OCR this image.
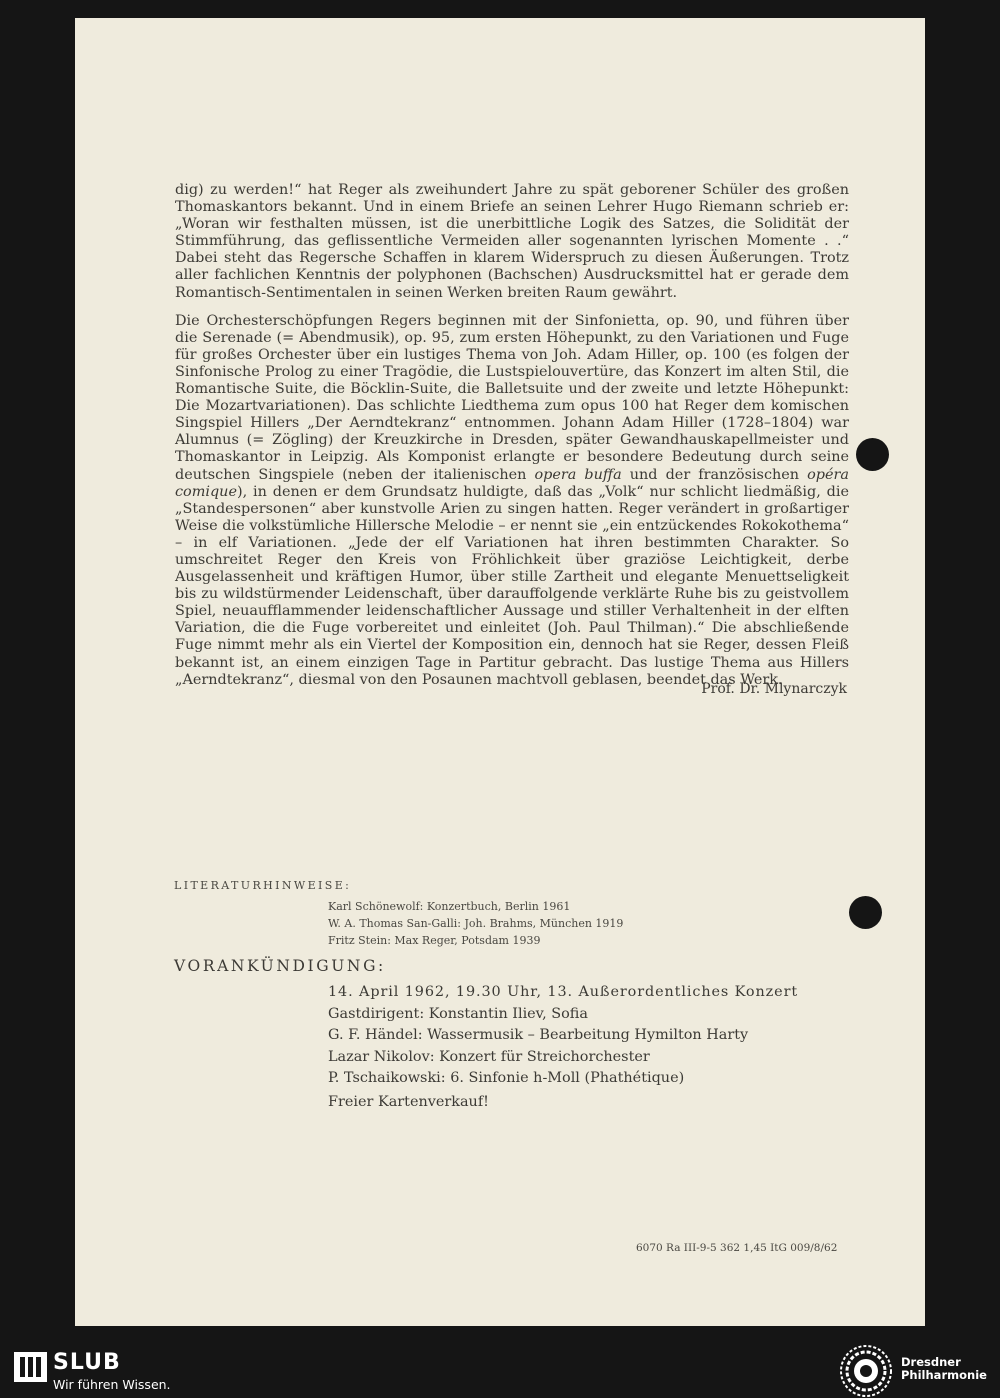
dig) zu werden!“ hat Reger als zweihundert Jahre zu spät geborener Schüler des großen Thomaskantors bekannt. Und in einem Briefe an seinen Lehrer Hugo Riemann schrieb er: „Woran wir festhalten müssen, ist die unerbittliche Logik des Satzes, die Solidität der Stimmführung, das geflissentliche Vermeiden aller sogenannten lyrischen Momente . .“ Dabei steht das Regersche Schaffen in klarem Widerspruch zu diesen Äußerungen. Trotz aller fachlichen Kenntnis der polyphonen (Bachschen) Ausdrucksmittel hat er gerade dem Romantisch-Sentimentalen in seinen Werken breiten Raum gewährt.

Die Orchesterschöpfungen Regers beginnen mit der Sinfonietta, op. 90, und führen über die Serenade (= Abendmusik), op. 95, zum ersten Höhepunkt, zu den Variationen und Fuge für großes Orchester über ein lustiges Thema von Joh. Adam Hiller, op. 100 (es folgen der Sinfonische Prolog zu einer Tragödie, die Lustspielouvertüre, das Konzert im alten Stil, die Romantische Suite, die Böcklin-Suite, die Balletsuite und der zweite und letzte Höhepunkt: Die Mozartvariationen). Das schlichte Liedthema zum opus 100 hat Reger dem komischen Singspiel Hillers „Der Aerndtekranz“ entnommen. Johann Adam Hiller (1728–1804) war Alumnus (= Zögling) der Kreuzkirche in Dresden, später Gewandhauskapellmeister und Thomaskantor in Leipzig. Als Komponist erlangte er besondere Bedeutung durch seine deutschen Singspiele (neben der italienischen opera buffa und der französischen opéra comique), in denen er dem Grundsatz huldigte, daß das „Volk“ nur schlicht liedmäßig, die „Standespersonen“ aber kunstvolle Arien zu singen hatten. Reger verändert in großartiger Weise die volkstümliche Hillersche Melodie – er nennt sie „ein entzückendes Rokokothema“ – in elf Variationen. „Jede der elf Variationen hat ihren bestimmten Charakter. So umschreitet Reger den Kreis von Fröhlichkeit über graziöse Leichtigkeit, derbe Ausgelassenheit und kräftigen Humor, über stille Zartheit und elegante Menuettseligkeit bis zu wildstürmender Leidenschaft, über darauffolgende verklärte Ruhe bis zu geistvollem Spiel, neuaufflammender leidenschaftlicher Aussage und stiller Verhaltenheit in der elften Variation, die die Fuge vorbereitet und einleitet (Joh. Paul Thilman).“ Die abschließende Fuge nimmt mehr als ein Viertel der Komposition ein, dennoch hat sie Reger, dessen Fleiß bekannt ist, an einem einzigen Tage in Partitur gebracht. Das lustige Thema aus Hillers „Aerndtekranz“, diesmal von den Posaunen machtvoll geblasen, beendet das Werk.

Prof. Dr. Mlynarczyk
LITERATURHINWEISE:
Karl Schönewolf: Konzertbuch, Berlin 1961
W. A. Thomas San-Galli: Joh. Brahms, München 1919
Fritz Stein: Max Reger, Potsdam 1939
VORANKÜNDIGUNG:
14. April 1962, 19.30 Uhr, 13. Außerordentliches Konzert
Gastdirigent: Konstantin Iliev, Sofia
G. F. Händel: Wassermusik – Bearbeitung Hymilton Harty
Lazar Nikolov: Konzert für Streichorchester
P. Tschaikowski: 6. Sinfonie h-Moll (Phathétique)
Freier Kartenverkauf!
6070 Ra III-9-5 362 1,45 ItG 009/8/62
SLUB
Wir führen Wissen.
Dresdner
Philharmonie
